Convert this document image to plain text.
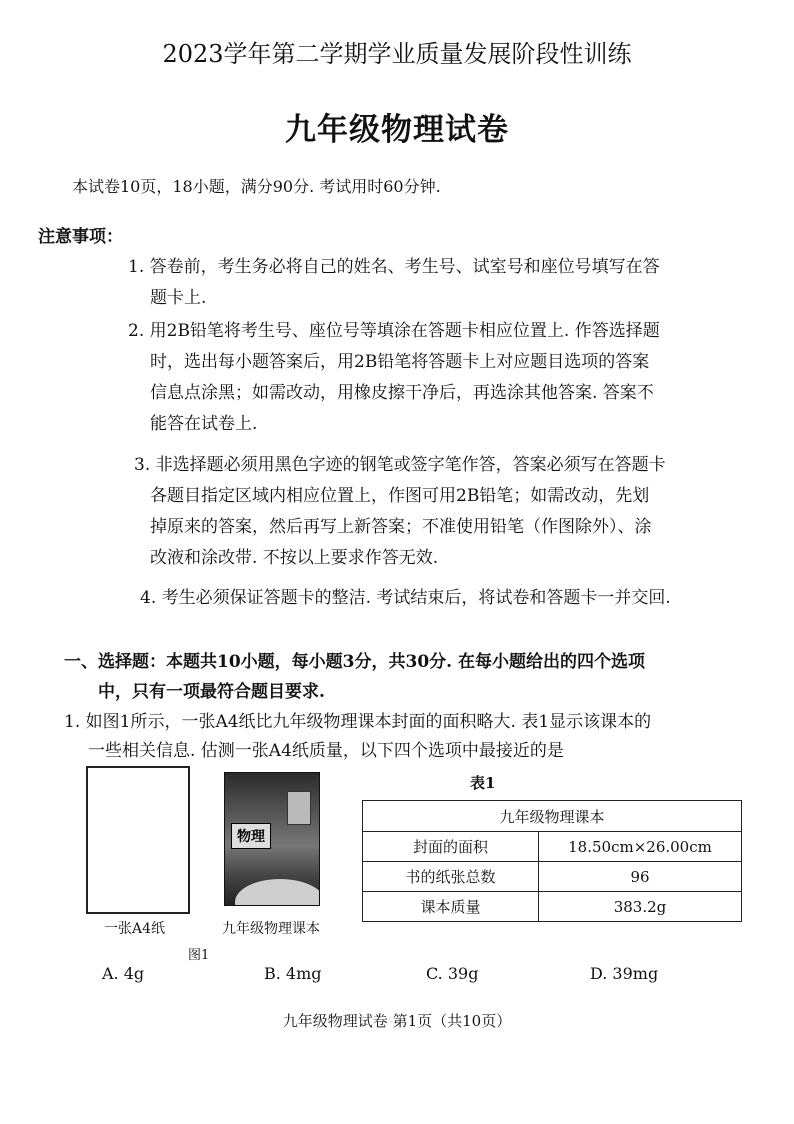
2023学年第二学期学业质量发展阶段性训练
九年级物理试卷
本试卷10页，18小题，满分90分. 考试用时60分钟.
注意事项：
1. 答卷前，考生务必将自己的姓名、考生号、试室号和座位号填写在答
题卡上.
2. 用2B铅笔将考生号、座位号等填涂在答题卡相应位置上. 作答选择题
时，选出每小题答案后，用2B铅笔将答题卡上对应题目选项的答案
信息点涂黑；如需改动，用橡皮擦干净后，再选涂其他答案. 答案不
能答在试卷上.
3. 非选择题必须用黑色字迹的钢笔或签字笔作答，答案必须写在答题卡
各题目指定区域内相应位置上，作图可用2B铅笔；如需改动，先划
掉原来的答案，然后再写上新答案；不准使用铅笔（作图除外）、涂
改液和涂改带. 不按以上要求作答无效.
4. 考生必须保证答题卡的整洁. 考试结束后，将试卷和答题卡一并交回.
一、选择题：本题共10小题，每小题3分，共30分. 在每小题给出的四个选项
中，只有一项最符合题目要求.
1. 如图1所示，一张A4纸比九年级物理课本封面的面积略大. 表1显示该课本的
一些相关信息. 估测一张A4纸质量，以下四个选项中最接近的是
一张A4纸
物理
九年级物理课本
图1
表1
九年级物理课本	
封面的面积	18.50cm×26.00cm
书的纸张总数	96
课本质量	383.2g
A. 4g	B. 4mg	C. 39g	D. 39mg
九年级物理试卷 第1页（共10页）
